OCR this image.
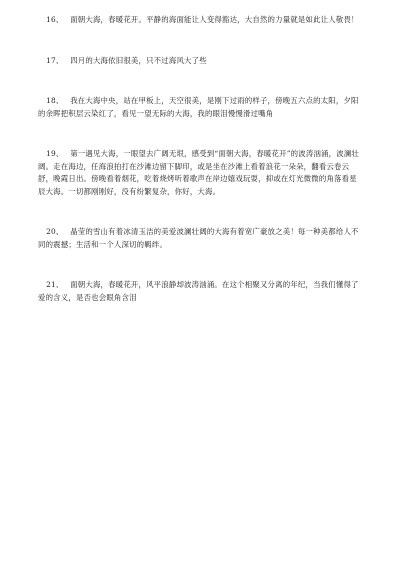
16、 面朝大海，春暖花开。平静的海面能让人变得豁达，大自然的力量就是如此让人敬畏！

17、 四月的大海依旧很美，只不过海风大了些

18、 我在大海中央，站在甲板上，天空很美，是刚下过雨的样子，傍晚五六点的太阳，夕阳的余晖把积层云染红了，看见一望无际的大海，我的眼泪慢慢滑过嘴角

19、 第一遇见大海，一眼望去广阔无垠，感受到“面朝大海，春暖花开”的波涛汹涌，波澜壮阔。走在海边，任海浪拍打在沙滩边留下脚印，或是坐在沙滩上看着浪花一朵朵，翻看云卷云舒，晚霞日出。傍晚看着烟花，吃着烧烤听着歌声在岸边嬉戏玩耍，抑或在灯光微微的角落看星辰大海。一切都刚刚好，没有纷繁复杂，你好，大海。

20、 晶莹的雪山有着冰清玉洁的美爱波澜壮阔的大海有着宽广豪放之美！每一种美都给人不同的震撼；生活和一个人深切的羁绊。

21、 面朝大海，春暖花开，风平浪静却波涛汹涌。在这个相聚又分离的年纪，当我们懂得了爱的含义，是否也会眼角含泪
